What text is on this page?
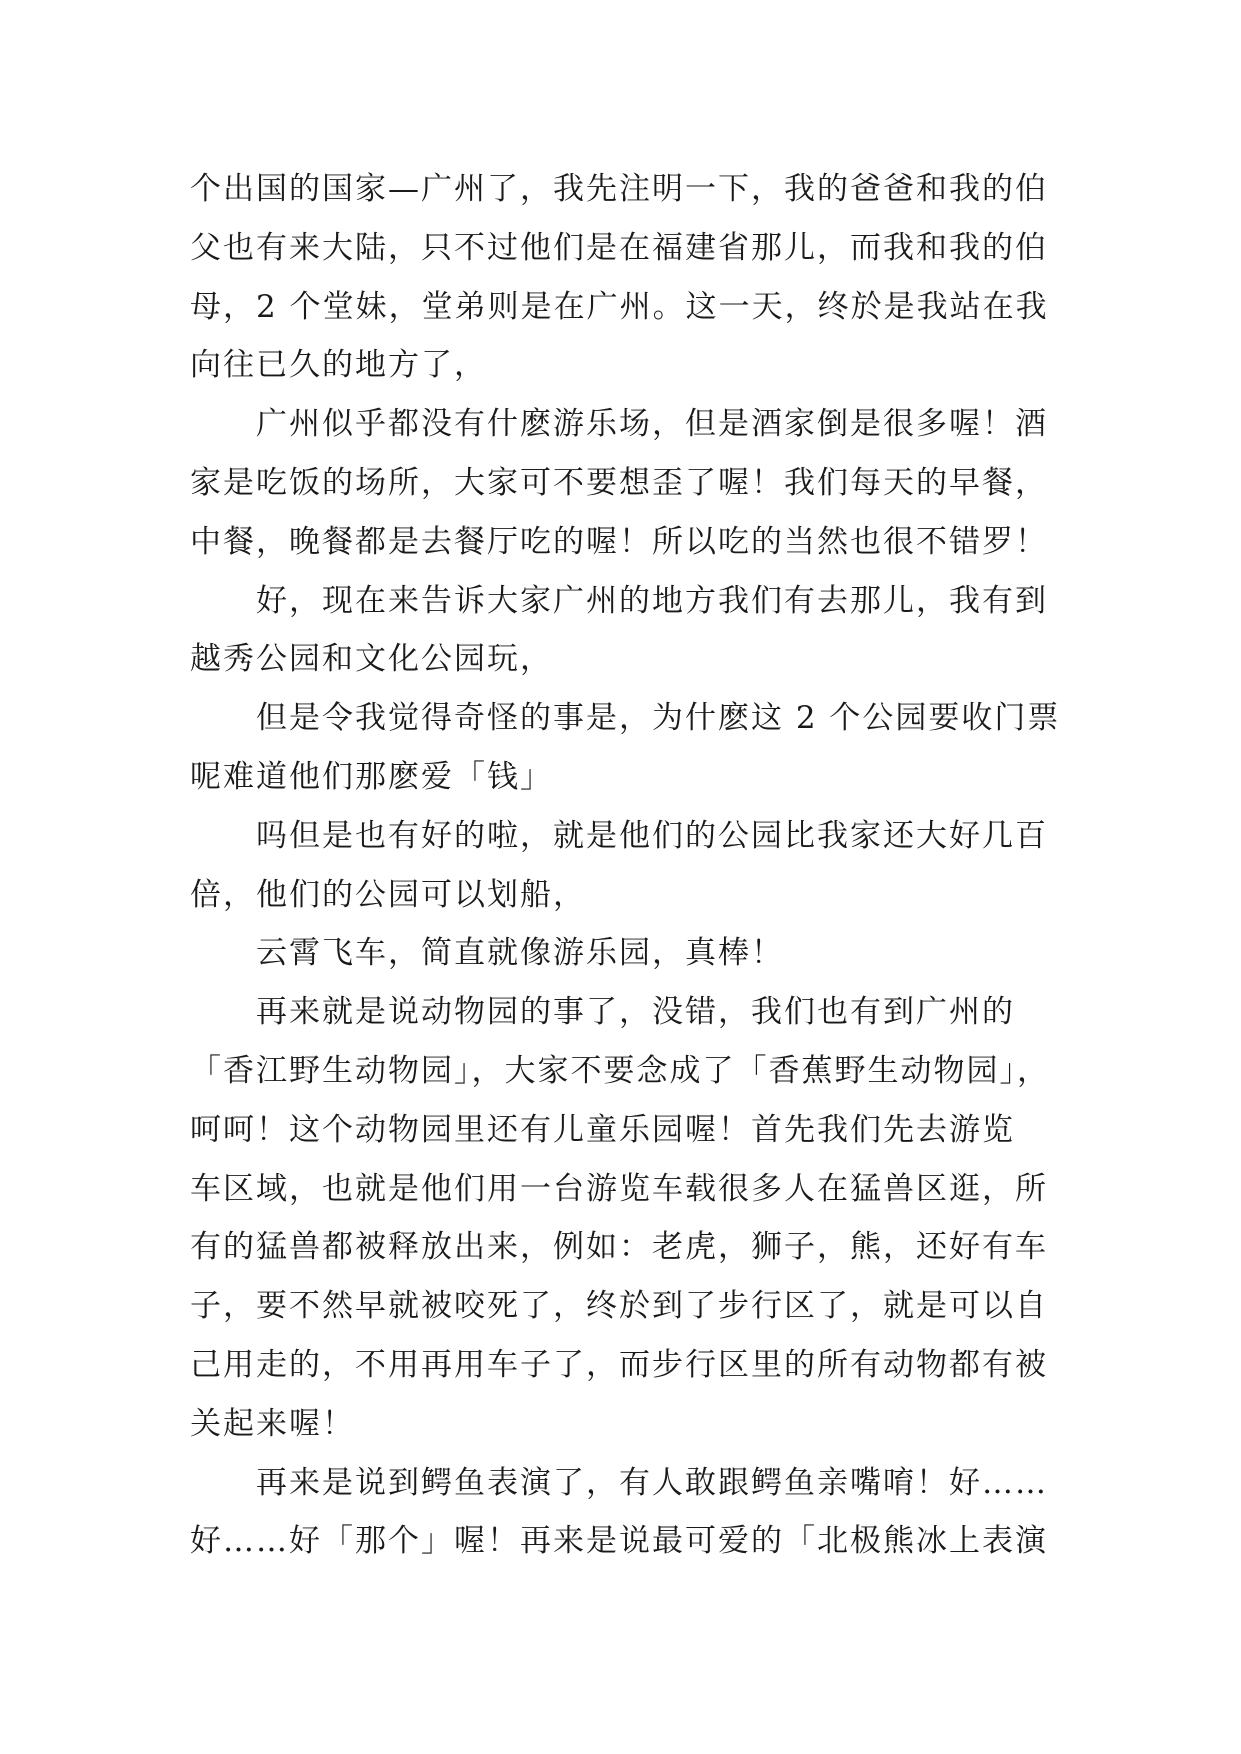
个出国的国家—广州了，我先注明一下，我的爸爸和我的伯
父也有来大陆，只不过他们是在福建省那儿，而我和我的伯
母，2 个堂妹，堂弟则是在广州。这一天，终於是我站在我
向往已久的地方了，
广州似乎都没有什麽游乐场，但是酒家倒是很多喔！酒
家是吃饭的场所，大家可不要想歪了喔！我们每天的早餐，
中餐，晚餐都是去餐厅吃的喔！所以吃的当然也很不错罗！
好，现在来告诉大家广州的地方我们有去那儿，我有到
越秀公园和文化公园玩，
但是令我觉得奇怪的事是，为什麽这 2 个公园要收门票
呢难道他们那麽爱「钱」
吗但是也有好的啦，就是他们的公园比我家还大好几百
倍，他们的公园可以划船，
云霄飞车，简直就像游乐园，真棒！
再来就是说动物园的事了，没错，我们也有到广州的
「香江野生动物园」，大家不要念成了「香蕉野生动物园」，
呵呵！这个动物园里还有儿童乐园喔！首先我们先去游览
车区域，也就是他们用一台游览车载很多人在猛兽区逛，所
有的猛兽都被释放出来，例如：老虎，狮子，熊，还好有车
子，要不然早就被咬死了，终於到了步行区了，就是可以自
己用走的，不用再用车子了，而步行区里的所有动物都有被
关起来喔！
再来是说到鳄鱼表演了，有人敢跟鳄鱼亲嘴唷！好……
好……好「那个」喔！再来是说最可爱的「北极熊冰上表演
